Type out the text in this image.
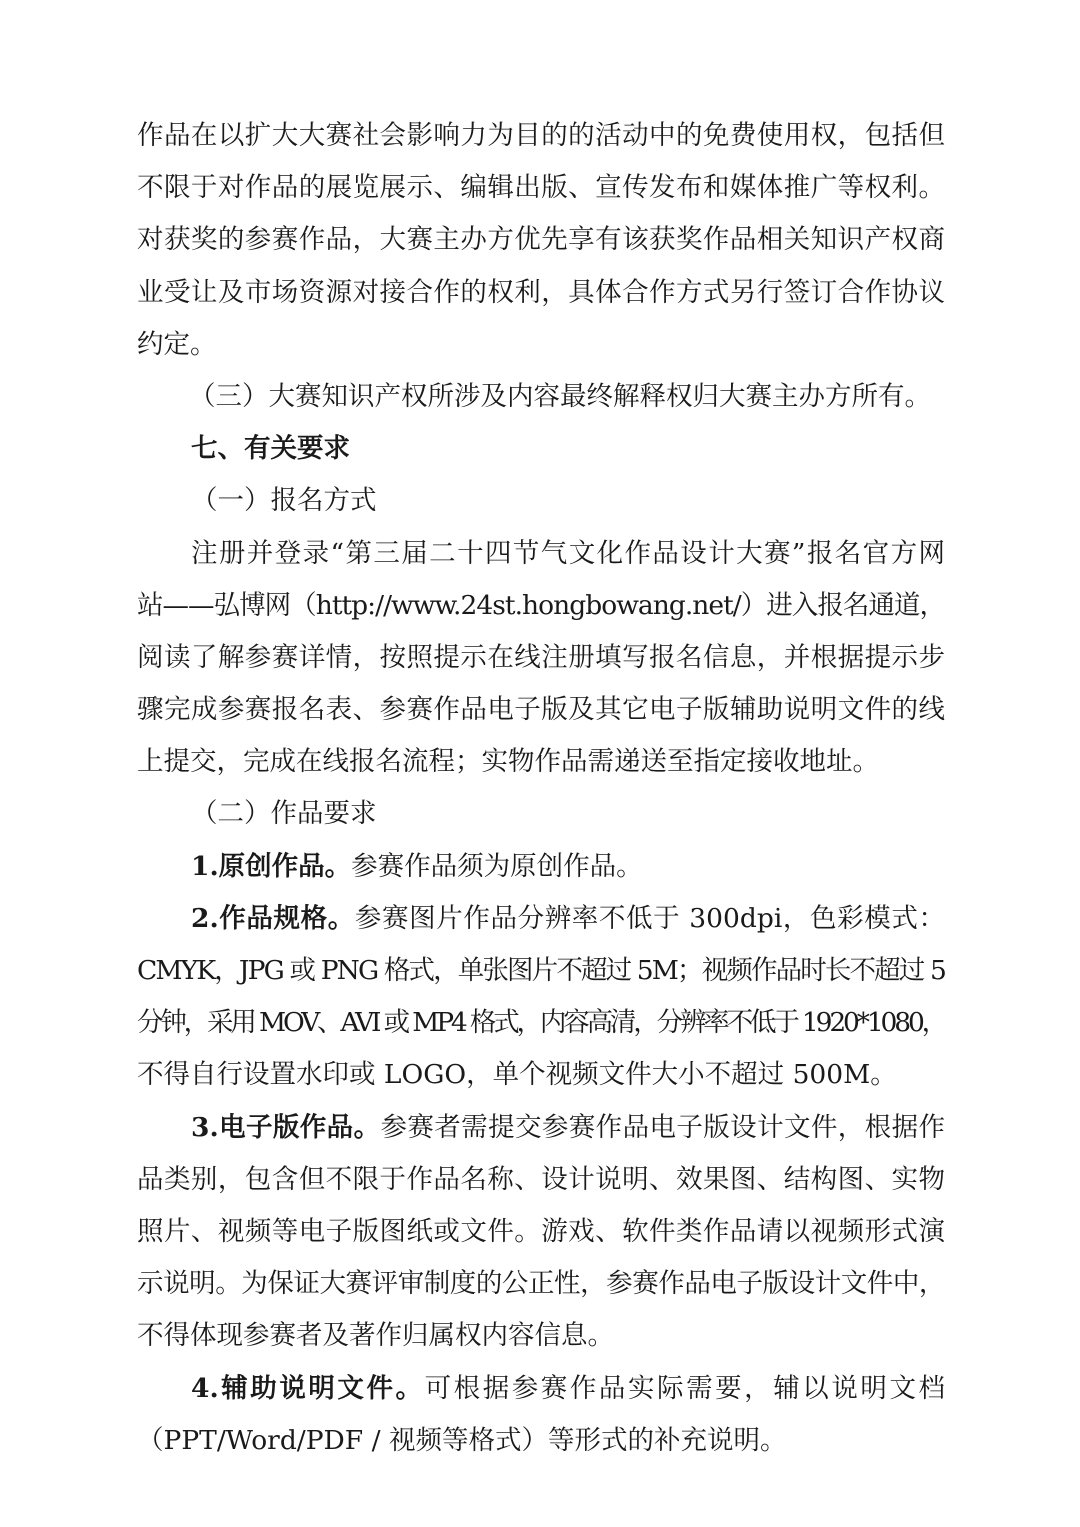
作品在以扩大大赛社会影响力为目的的活动中的免费使用权，包括但
不限于对作品的展览展示、编辑出版、宣传发布和媒体推广等权利。
对获奖的参赛作品，大赛主办方优先享有该获奖作品相关知识产权商
业受让及市场资源对接合作的权利，具体合作方式另行签订合作协议
约定。
（三）大赛知识产权所涉及内容最终解释权归大赛主办方所有。
七、有关要求
（一）报名方式
注册并登录“第三届二十四节气文化作品设计大赛”报名官方网
站——弘博网（http://www.24st.hongbowang.net/）进入报名通道，
阅读了解参赛详情，按照提示在线注册填写报名信息，并根据提示步
骤完成参赛报名表、参赛作品电子版及其它电子版辅助说明文件的线
上提交，完成在线报名流程；实物作品需递送至指定接收地址。
（二）作品要求
1.原创作品。参赛作品须为原创作品。
2.作品规格。参赛图片作品分辨率不低于 300dpi，色彩模式：
CMYK，JPG 或 PNG 格式，单张图片不超过 5M；视频作品时长不超过 5
分钟，采用 MOV、AVI 或 MP4 格式，内容高清，分辨率不低于 1920*1080，
不得自行设置水印或 LOGO，单个视频文件大小不超过 500M。
3.电子版作品。参赛者需提交参赛作品电子版设计文件，根据作
品类别，包含但不限于作品名称、设计说明、效果图、结构图、实物
照片、视频等电子版图纸或文件。游戏、软件类作品请以视频形式演
示说明。为保证大赛评审制度的公正性，参赛作品电子版设计文件中，
不得体现参赛者及著作归属权内容信息。
4.辅助说明文件。可根据参赛作品实际需要，辅以说明文档
（PPT/Word/PDF / 视频等格式）等形式的补充说明。
